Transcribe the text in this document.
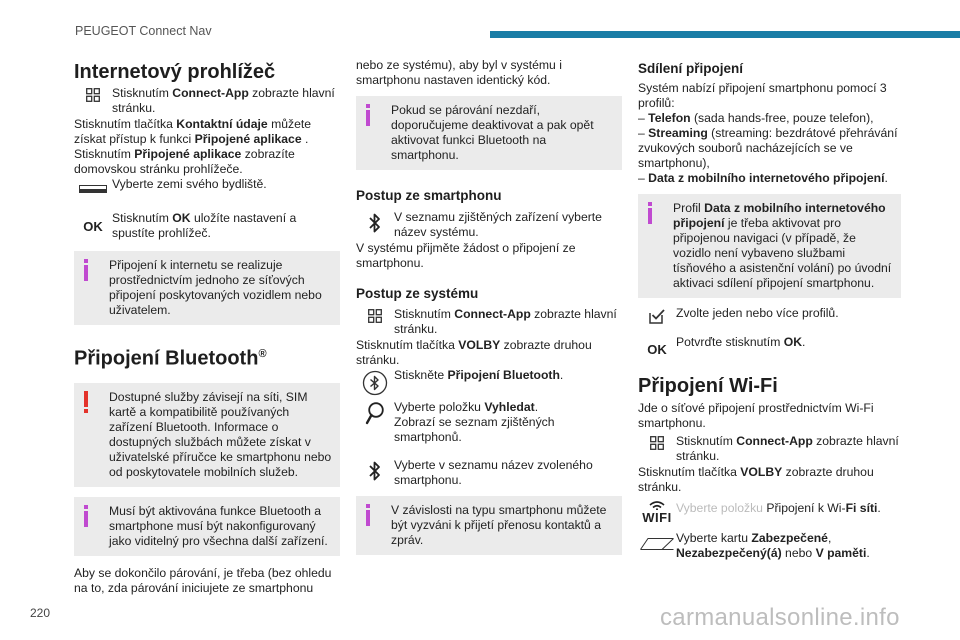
PEUGEOT Connect Nav
Internetový prohlížeč
Stisknutím Connect-App zobrazte hlavní stránku.

Stisknutím tlačítka Kontaktní údaje můžete získat přístup k funkci Připojené aplikace .

Stisknutím Připojené aplikace zobrazíte domovskou stránku prohlížeče.

Vyberte zemi svého bydliště.
OK
Stisknutím OK uložíte nastavení a spustíte prohlížeč.

Připojení k internetu se realizuje prostřednictvím jednoho ze síťových připojení poskytovaných vozidlem nebo uživatelem.

Připojení Bluetooth®

Dostupné služby závisejí na síti, SIM kartě a kompatibilitě používaných zařízení Bluetooth. Informace o dostupných službách můžete získat v uživatelské příručce ke smartphonu nebo od poskytovatele mobilních služeb.

Musí být aktivována funkce Bluetooth a smartphone musí být nakonfigurovaný jako viditelný pro všechna další zařízení.

Aby se dokončilo párování, je třeba (bez ohledu na to, zda párování iniciujete ze smartphonu

nebo ze systému), aby byl v systému i smartphonu nastaven identický kód.

Pokud se párování nezdaří, doporučujeme deaktivovat a pak opět aktivovat funkci Bluetooth na smartphonu.

Postup ze smartphonu
V seznamu zjištěných zařízení vyberte název systému.

V systému přijměte žádost o připojení ze smartphonu.

Postup ze systému
Stisknutím Connect-App zobrazte hlavní stránku.

Stisknutím tlačítka VOLBY zobrazte druhou stránku.

Stiskněte Připojení Bluetooth.
Vyberte položku Vyhledat.
Zobrazí se seznam zjištěných smartphonů.
Vyberte v seznamu název zvoleného smartphonu.

V závislosti na typu smartphonu můžete být vyzváni k přijetí přenosu kontaktů a zpráv.

Sdílení připojení

Systém nabízí připojení smartphonu pomocí 3 profilů:

– Telefon (sada hands-free, pouze telefon),

– Streaming (streaming: bezdrátové přehrávání zvukových souborů nacházejících se ve smartphonu),

– Data z mobilního internetového připojení.

Profil Data z mobilního internetového připojení je třeba aktivovat pro připojenou navigaci (v případě, že vozidlo není vybaveno službami tísňového a asistenční volání) po úvodní aktivaci sdílení připojení smartphonu.

Zvolte jeden nebo více profilů.
OK Potvrďte stisknutím OK.
Připojení Wi-Fi

Jde o síťové připojení prostřednictvím Wi-Fi smartphonu.

Stisknutím Connect-App zobrazte hlavní stránku.

Stisknutím tlačítka VOLBY zobrazte druhou stránku.

WIFI
Vyberte položku Připojení k Wi-Fi síti.
Vyberte kartu Zabezpečené, Nezabezpečený(á) nebo V paměti.
220	carmanualsonline.info
